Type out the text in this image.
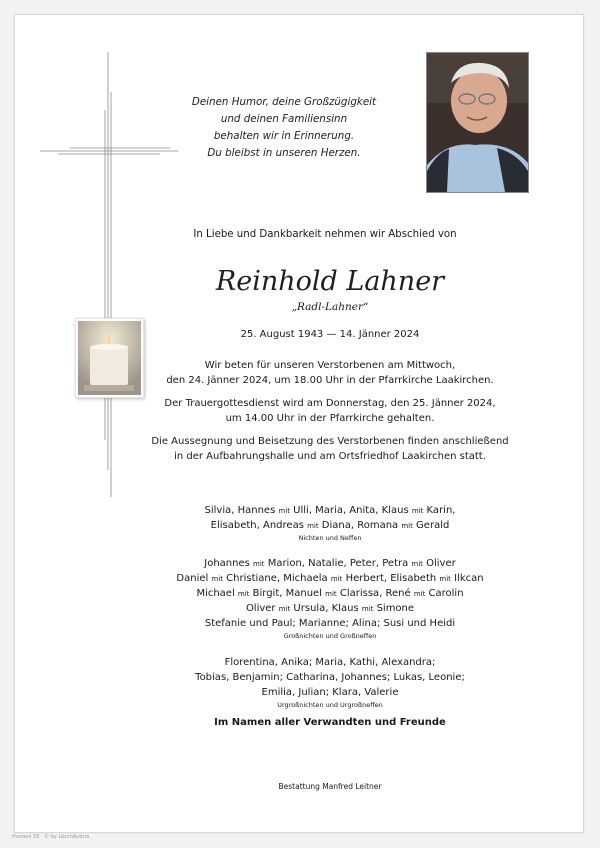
Deinen Humor, deine Großzügigkeit

und deinen Familiensinn

behalten wir in Erinnerung.

Du bleibst in unseren Herzen.

In Liebe und Dankbarkeit nehmen wir Abschied von

Reinhold Lahner

„Radl-Lahner“

25. August 1943 — 14. Jänner 2024

Wir beten für unseren Verstorbenen am Mittwoch,

den 24. Jänner 2024, um 18.00 Uhr in der Pfarrkirche Laakirchen.

Der Trauergottesdienst wird am Donnerstag, den 25. Jänner 2024,

um 14.00 Uhr in der Pfarrkirche gehalten.

Die Aussegnung und Beisetzung des Verstorbenen finden anschließend

in der Aufbahrungshalle und am Ortsfriedhof Laakirchen statt.

Silvia, Hannes mit Ulli, Maria, Anita, Klaus mit Karin,

Elisabeth, Andreas mit Diana, Romana mit Gerald

Nichten und Neffen

Johannes mit Marion, Natalie, Peter, Petra mit Oliver

Daniel mit Christiane, Michaela mit Herbert, Elisabeth mit Ilkcan

Michael mit Birgit, Manuel mit Clarissa, René mit Carolin

Oliver mit Ursula, Klaus mit Simone

Stefanie und Paul; Marianne; Alina; Susi und Heidi

Großnichten und Großneffen

Florentina, Anika; Maria, Kathi, Alexandra;

Tobias, Benjamin; Catharina, Johannes; Lukas, Leonie;

Emilia, Julian; Klara, Valerie

Urgroßnichten und Urgroßneffen

Im Namen aller Verwandten und Freunde

Bestattung Manfred Leitner

Humani 50 · © by LöschAudria
